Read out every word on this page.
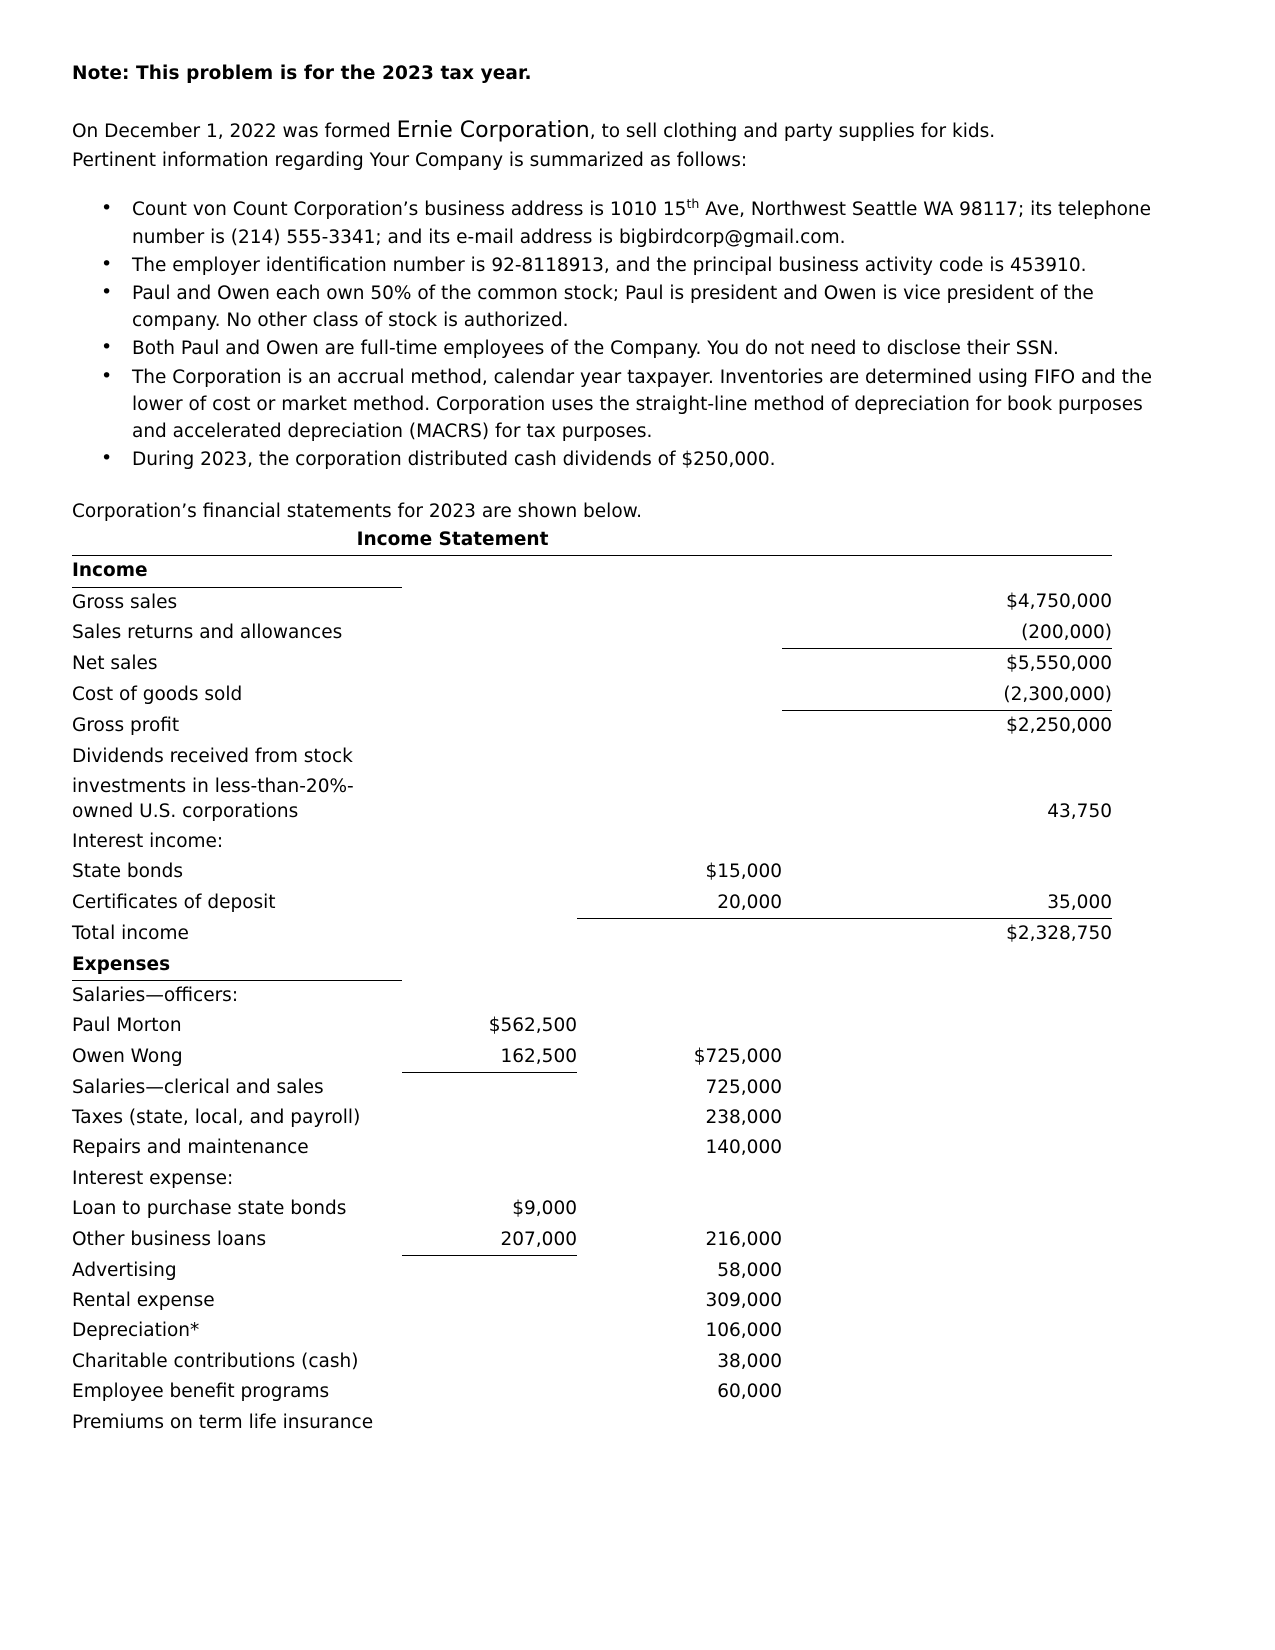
Note: This problem is for the 2023 tax year.

On December 1, 2022 was formed Ernie Corporation, to sell clothing and party supplies for kids. Pertinent information regarding Your Company is summarized as follows:

• Count von Count Corporation’s business address is 1010 15th Ave, Northwest Seattle WA 98117; its telephone number is (214) 555-3341; and its e-mail address is bigbirdcorp@gmail.com.
• The employer identification number is 92-8118913, and the principal business activity code is 453910.
• Paul and Owen each own 50% of the common stock; Paul is president and Owen is vice president of the company. No other class of stock is authorized.
• Both Paul and Owen are full-time employees of the Company. You do not need to disclose their SSN.
• The Corporation is an accrual method, calendar year taxpayer. Inventories are determined using FIFO and the lower of cost or market method. Corporation uses the straight-line method of depreciation for book purposes and accelerated depreciation (MACRS) for tax purposes.
• During 2023, the corporation distributed cash dividends of $250,000.

Corporation’s financial statements for 2023 are shown below.

Income Statement
Income			
Gross sales			$4,750,000
Sales returns and allowances			(200,000)
Net sales			$5,550,000
Cost of goods sold			(2,300,000)
Gross profit			$2,250,000
Dividends received from stock			
investments in less-than-20%-owned U.S. corporations			43,750
Interest income:			
State bonds		$15,000	
Certificates of deposit		20,000	35,000
Total income			$2,328,750
Expenses			
Salaries—officers:			
Paul Morton	$562,500		
Owen Wong	162,500	$725,000	
Salaries—clerical and sales		725,000	
Taxes (state, local, and payroll)		238,000	
Repairs and maintenance		140,000	
Interest expense:			
Loan to purchase state bonds	$9,000		
Other business loans	207,000	216,000	
Advertising		58,000	
Rental expense		309,000	
Depreciation*		106,000	
Charitable contributions (cash)		38,000	
Employee benefit programs		60,000	
Premiums on term life insurance			
